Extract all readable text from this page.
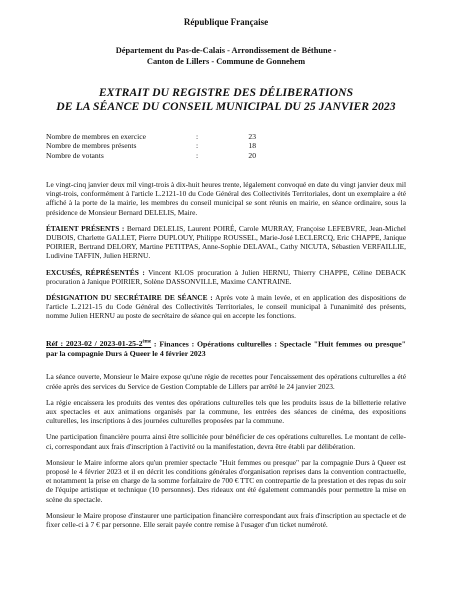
République Française

Département du Pas-de-Calais - Arrondissement de Béthune -
Canton de Lillers - Commune de Gonnehem
EXTRAIT DU REGISTRE DES DÉLIBERATIONS
DE LA SÉANCE DU CONSEIL MUNICIPAL DU 25 JANVIER 2023
Nombre de membres en exercice	:	23
Nombre de membres présents	:	18
Nombre de votants	:	20

Le vingt-cinq janvier deux mil vingt-trois à dix-huit heures trente, légalement convoqué en date du vingt janvier deux mil vingt-trois, conformément à l'article L.2121-10 du Code Général des Collectivités Territoriales, dont un exemplaire a été affiché à la porte de la mairie, les membres du conseil municipal se sont réunis en mairie, en séance ordinaire, sous la présidence de Monsieur Bernard DELELIS, Maire.

ÉTAIENT PRÉSENTS : Bernard DELELIS, Laurent POIRÉ, Carole MURRAY, Françoise LEFEBVRE, Jean-Michel DUBOIS, Charlette GALLET, Pierre DUPLOUY, Philippe ROUSSEL, Marie-José LECLERCQ, Eric CHAPPE, Janique POIRIER, Bertrand DELORY, Martine PETITPAS, Anne-Sophie DELAVAL, Cathy NICUTA, Sébastien VERFAILLIE, Ludivine TAFFIN, Julien HERNU.

EXCUSÉS, RÉPRÉSENTÉS : Vincent KLOS procuration à Julien HERNU, Thierry CHAPPE, Céline DEBACK procuration à Janique POIRIER, Solène DASSONVILLE, Maxime CANTRAINE.

DÉSIGNATION DU SECRÉTAIRE DE SÉANCE : Après vote à main levée, et en application des dispositions de l'article L.2121-15 du Code Général des Collectivités Territoriales, le conseil municipal à l'unanimité des présents, nomme Julien HERNU au poste de secrétaire de séance qui en accepte les fonctions.

Réf : 2023-02 / 2023-01-25-2ème : Finances : Opérations culturelles : Spectacle "Huit femmes ou presque" par la compagnie Durs à Queer le 4 février 2023

La séance ouverte, Monsieur le Maire expose qu'une régie de recettes pour l'encaissement des opérations culturelles a été créée après des services du Service de Gestion Comptable de Lillers par arrêté le 24 janvier 2023.

La régie encaissera les produits des ventes des opérations culturelles tels que les produits issus de la billetterie relative aux spectacles et aux animations organisés par la commune, les entrées des séances de cinéma, des expositions culturelles, les inscriptions à des journées culturelles proposées par la commune.

Une participation financière pourra ainsi être sollicitée pour bénéficier de ces opérations culturelles. Le montant de celle-ci, correspondant aux frais d'inscription à l'activité ou la manifestation, devra être établi par délibération.

Monsieur le Maire informe alors qu'un premier spectacle "Huit femmes ou presque" par la compagnie Durs à Queer est proposé le 4 février 2023 et il en décrit les conditions générales d'organisation reprises dans la convention contractuelle, et notamment la prise en charge de la somme forfaitaire de 700 € TTC en contrepartie de la prestation et des repas du soir de l'équipe artistique et technique (10 personnes). Des rideaux ont été également commandés pour permettre la mise en scène du spectacle.

Monsieur le Maire propose d'instaurer une participation financière correspondant aux frais d'inscription au spectacle et de fixer celle-ci à 7 € par personne. Elle serait payée contre remise à l'usager d'un ticket numéroté.
